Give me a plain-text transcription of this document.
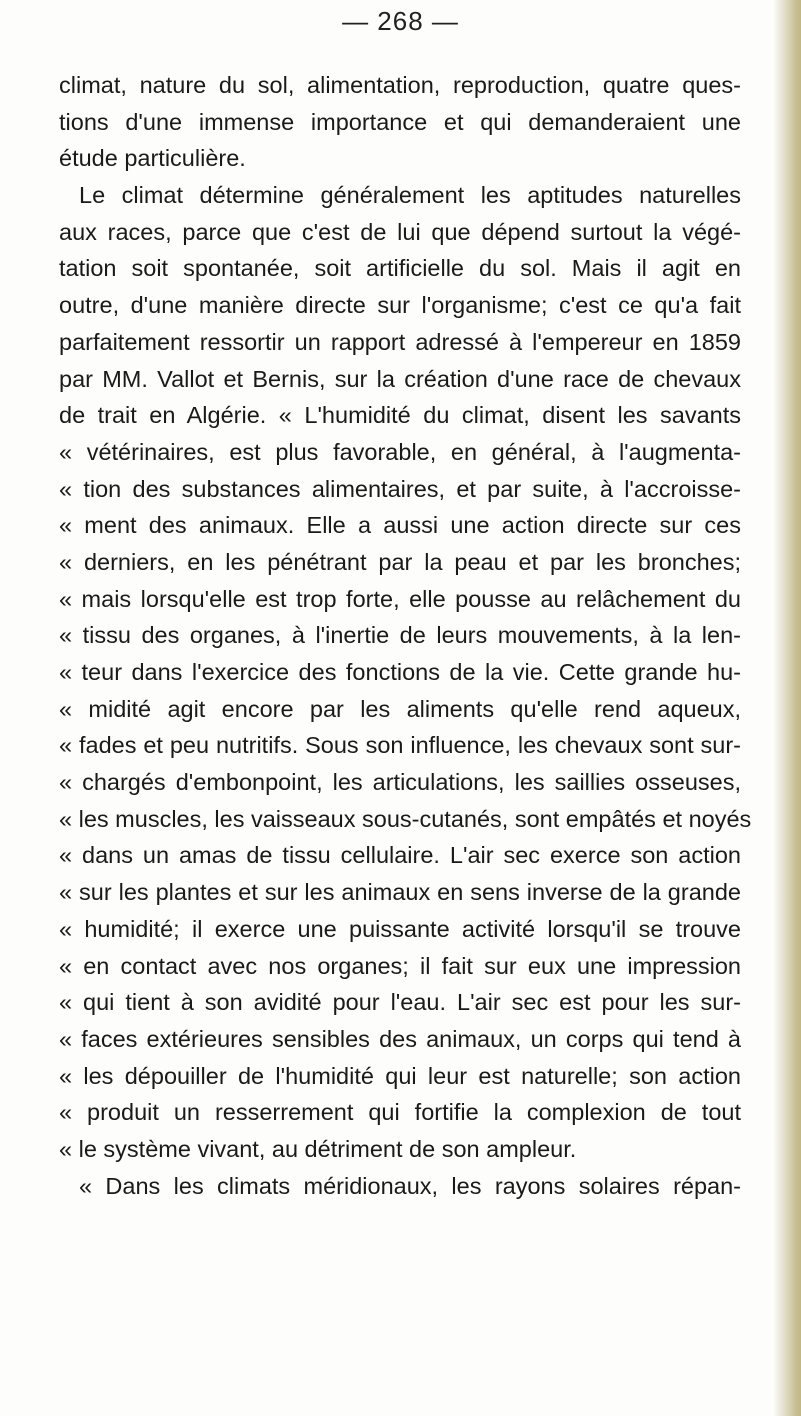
— 268 —
climat, nature du sol, alimentation, reproduction, quatre ques-
tions d'une immense importance et qui demanderaient une
étude particulière.
Le climat détermine généralement les aptitudes naturelles
aux races, parce que c'est de lui que dépend surtout la végé-
tation soit spontanée, soit artificielle du sol. Mais il agit en
outre, d'une manière directe sur l'organisme; c'est ce qu'a fait
parfaitement ressortir un rapport adressé à l'empereur en 1859
par MM. Vallot et Bernis, sur la création d'une race de chevaux
de trait en Algérie. « L'humidité du climat, disent les savants
« vétérinaires, est plus favorable, en général, à l'augmenta-
« tion des substances alimentaires, et par suite, à l'accroisse-
« ment des animaux. Elle a aussi une action directe sur ces
« derniers, en les pénétrant par la peau et par les bronches;
« mais lorsqu'elle est trop forte, elle pousse au relâchement du
« tissu des organes, à l'inertie de leurs mouvements, à la len-
« teur dans l'exercice des fonctions de la vie. Cette grande hu-
« midité agit encore par les aliments qu'elle rend aqueux,
« fades et peu nutritifs. Sous son influence, les chevaux sont sur-
« chargés d'embonpoint, les articulations, les saillies osseuses,
« les muscles, les vaisseaux sous-cutanés, sont empâtés et noyés
« dans un amas de tissu cellulaire. L'air sec exerce son action
« sur les plantes et sur les animaux en sens inverse de la grande
« humidité; il exerce une puissante activité lorsqu'il se trouve
« en contact avec nos organes; il fait sur eux une impression
« qui tient à son avidité pour l'eau. L'air sec est pour les sur-
« faces extérieures sensibles des animaux, un corps qui tend à
« les dépouiller de l'humidité qui leur est naturelle; son action
« produit un resserrement qui fortifie la complexion de tout
« le système vivant, au détriment de son ampleur.
« Dans les climats méridionaux, les rayons solaires répan-
